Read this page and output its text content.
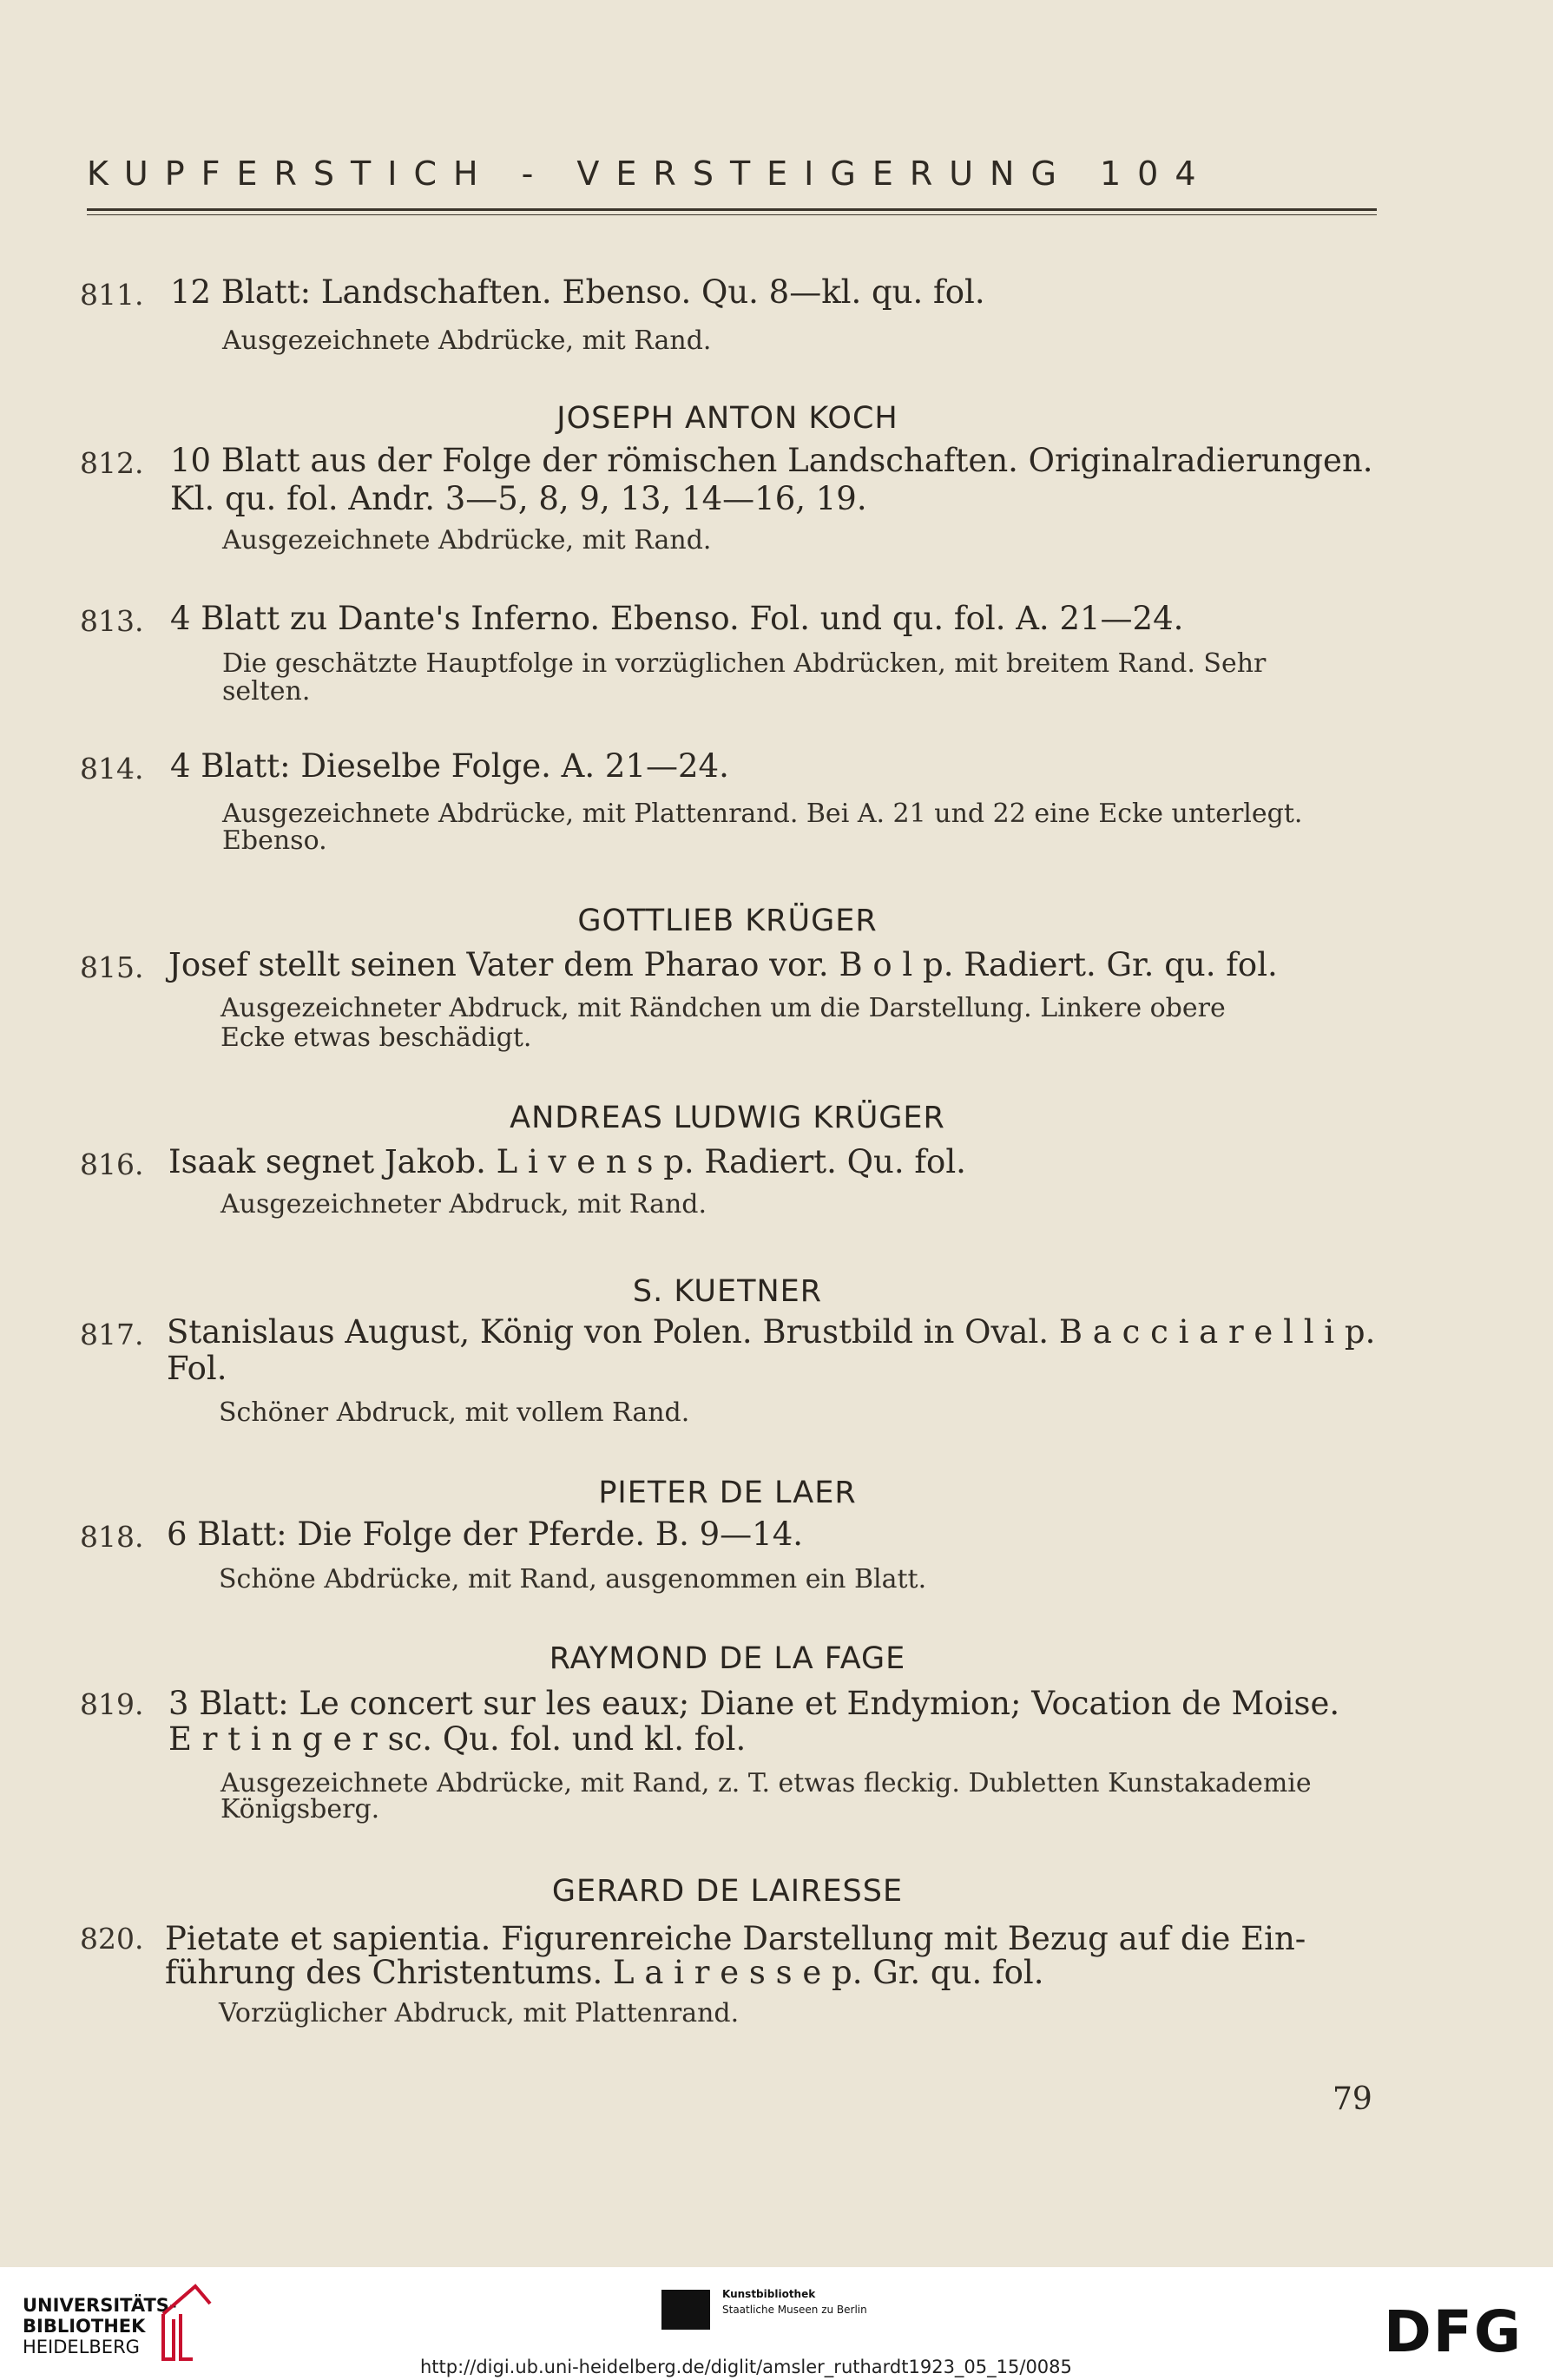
KUPFERSTICH - VERSTEIGERUNG 104
811. 12 Blatt: Landschaften. Ebenso. Qu. 8—kl. qu. fol.
Ausgezeichnete Abdrücke, mit Rand.
JOSEPH ANTON KOCH
812. 10 Blatt aus der Folge der römischen Landschaften. Originalradierungen.
Kl. qu. fol. Andr. 3—5, 8, 9, 13, 14—16, 19.
Ausgezeichnete Abdrücke, mit Rand.
813. 4 Blatt zu Dante's Inferno. Ebenso. Fol. und qu. fol. A. 21—24.
Die geschätzte Hauptfolge in vorzüglichen Abdrücken, mit breitem Rand. Sehr
selten.
814. 4 Blatt: Dieselbe Folge. A. 21—24.
Ausgezeichnete Abdrücke, mit Plattenrand. Bei A. 21 und 22 eine Ecke unterlegt.
Ebenso.
GOTTLIEB KRÜGER
815. Josef stellt seinen Vater dem Pharao vor. B o l p. Radiert. Gr. qu. fol.
Ausgezeichneter Abdruck, mit Rändchen um die Darstellung. Linkere obere
Ecke etwas beschädigt.
ANDREAS LUDWIG KRÜGER
816. Isaak segnet Jakob. L i v e n s p. Radiert. Qu. fol.
Ausgezeichneter Abdruck, mit Rand.
S. KUETNER
817. Stanislaus August, König von Polen. Brustbild in Oval. B a c c i a r e l l i p.
Fol.
Schöner Abdruck, mit vollem Rand.
PIETER DE LAER
818. 6 Blatt: Die Folge der Pferde. B. 9—14.
Schöne Abdrücke, mit Rand, ausgenommen ein Blatt.
RAYMOND DE LA FAGE
819. 3 Blatt: Le concert sur les eaux; Diane et Endymion; Vocation de Moise.
E r t i n g e r sc. Qu. fol. und kl. fol.
Ausgezeichnete Abdrücke, mit Rand, z. T. etwas fleckig. Dubletten Kunstakademie
Königsberg.
GERARD DE LAIRESSE
820. Pietate et sapientia. Figurenreiche Darstellung mit Bezug auf die Ein-
führung des Christentums. L a i r e s s e p. Gr. qu. fol.
Vorzüglicher Abdruck, mit Plattenrand.
79
UNIVERSITÄTS-
BIBLIOTHEK
HEIDELBERG
Kunstbibliothek
Staatliche Museen zu Berlin	DFG
http://digi.ub.uni-heidelberg.de/diglit/amsler_ruthardt1923_05_15/0085
